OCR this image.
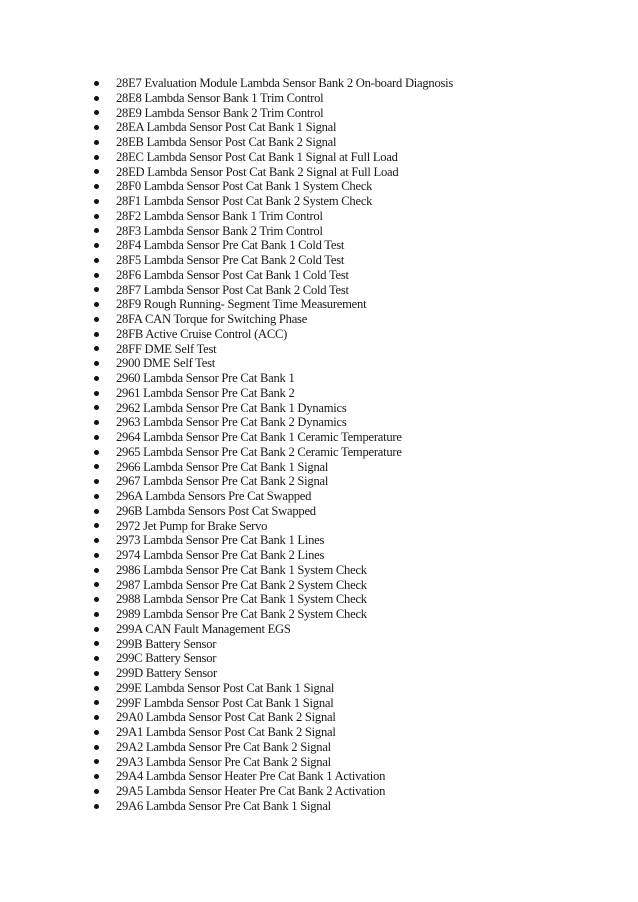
28E7 Evaluation Module Lambda Sensor Bank 2 On-board Diagnosis
28E8 Lambda Sensor Bank 1 Trim Control
28E9 Lambda Sensor Bank 2 Trim Control
28EA Lambda Sensor Post Cat Bank 1 Signal
28EB Lambda Sensor Post Cat Bank 2 Signal
28EC Lambda Sensor Post Cat Bank 1 Signal at Full Load
28ED Lambda Sensor Post Cat Bank 2 Signal at Full Load
28F0 Lambda Sensor Post Cat Bank 1 System Check
28F1 Lambda Sensor Post Cat Bank 2 System Check
28F2 Lambda Sensor Bank 1 Trim Control
28F3 Lambda Sensor Bank 2 Trim Control
28F4 Lambda Sensor Pre Cat Bank 1 Cold Test
28F5 Lambda Sensor Pre Cat Bank 2 Cold Test
28F6 Lambda Sensor Post Cat Bank 1 Cold Test
28F7 Lambda Sensor Post Cat Bank 2 Cold Test
28F9 Rough Running- Segment Time Measurement
28FA CAN Torque for Switching Phase
28FB Active Cruise Control (ACC)
28FF DME Self Test
2900 DME Self Test
2960 Lambda Sensor Pre Cat Bank 1
2961 Lambda Sensor Pre Cat Bank 2
2962 Lambda Sensor Pre Cat Bank 1 Dynamics
2963 Lambda Sensor Pre Cat Bank 2 Dynamics
2964 Lambda Sensor Pre Cat Bank 1 Ceramic Temperature
2965 Lambda Sensor Pre Cat Bank 2 Ceramic Temperature
2966 Lambda Sensor Pre Cat Bank 1 Signal
2967 Lambda Sensor Pre Cat Bank 2 Signal
296A Lambda Sensors Pre Cat Swapped
296B Lambda Sensors Post Cat Swapped
2972 Jet Pump for Brake Servo
2973 Lambda Sensor Pre Cat Bank 1 Lines
2974 Lambda Sensor Pre Cat Bank 2 Lines
2986 Lambda Sensor Pre Cat Bank 1 System Check
2987 Lambda Sensor Pre Cat Bank 2 System Check
2988 Lambda Sensor Pre Cat Bank 1 System Check
2989 Lambda Sensor Pre Cat Bank 2 System Check
299A CAN Fault Management EGS
299B Battery Sensor
299C Battery Sensor
299D Battery Sensor
299E Lambda Sensor Post Cat Bank 1 Signal
299F Lambda Sensor Post Cat Bank 1 Signal
29A0 Lambda Sensor Post Cat Bank 2 Signal
29A1 Lambda Sensor Post Cat Bank 2 Signal
29A2 Lambda Sensor Pre Cat Bank 2 Signal
29A3 Lambda Sensor Pre Cat Bank 2 Signal
29A4 Lambda Sensor Heater Pre Cat Bank 1 Activation
29A5 Lambda Sensor Heater Pre Cat Bank 2 Activation
29A6 Lambda Sensor Pre Cat Bank 1 Signal
